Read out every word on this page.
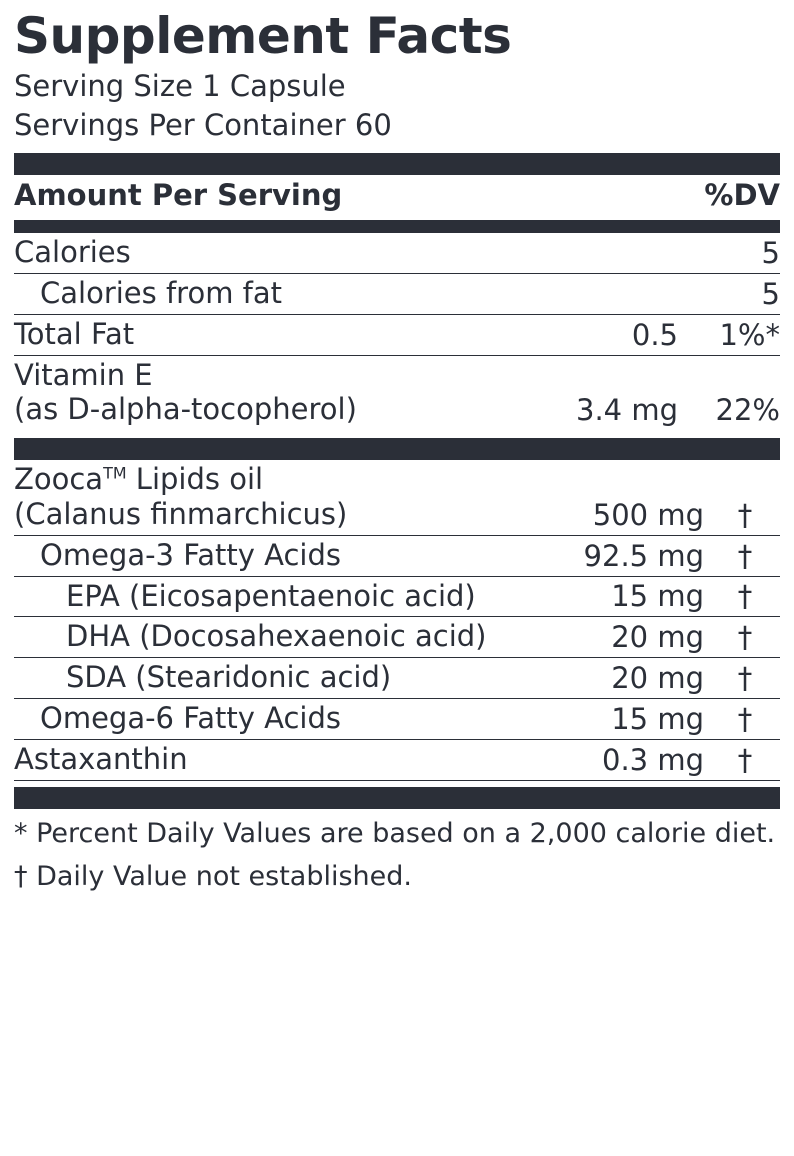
Supplement Facts
Serving Size 1 Capsule
Servings Per Container 60
Amount Per Serving	%DV
Calories		5
Calories from fat		5
Total Fat	0.5	1%*

Vitamin E
(as D-alpha-tocopherol)	3.4 mg	22%
Zooca™ Lipids oil
(Calanus finmarchicus)	500 mg	†
Omega-3 Fatty Acids	92.5 mg	†
EPA (Eicosapentaenoic acid)	15 mg	†
DHA (Docosahexaenoic acid)	20 mg	†
SDA (Stearidonic acid)	20 mg	†
Omega-6 Fatty Acids	15 mg	†
Astaxanthin	0.3 mg	†
* Percent Daily Values are based on a 2,000 calorie diet.
† Daily Value not established.
